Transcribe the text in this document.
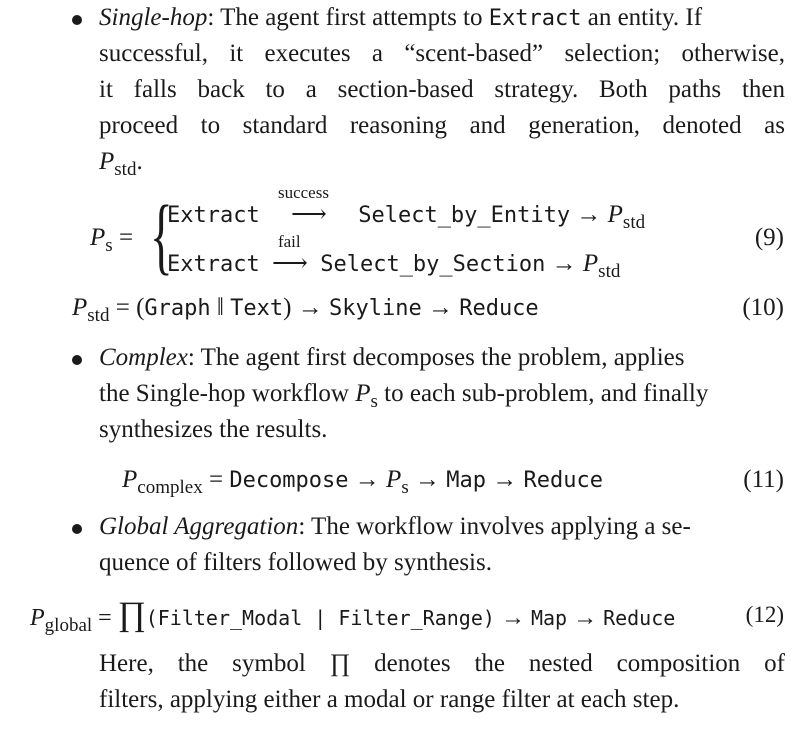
Single-hop: The agent first attempts to Extract an entity. If
successful, it executes a “scent-based” selection; otherwise,
it falls back to a section-based strategy. Both paths then
proceed to standard reasoning and generation, denoted as
$P_{std}$.
$P_s$ = {
Extract
success
⟶ Select_by_Entity → $P_{std}$
Extract
fail
⟶ Select_by_Section → $P_{std}$
(9)
$P_{std}$ = (Graph ‖ Text) → Skyline → Reduce	(10)
Complex: The agent first decomposes the problem, applies
the Single-hop workflow $P_s$ to each sub-problem, and finally
synthesizes the results.
$P_{complex}$ = Decompose → $P_s$ → Map → Reduce	(11)
Global Aggregation: The workflow involves applying a se-
quence of filters followed by synthesis.
$P_{global}$ = ∏(Filter_Modal | Filter_Range) → Map → Reduce	(12)
Here, the symbol ∏ denotes the nested composition of
filters, applying either a modal or range filter at each step.
